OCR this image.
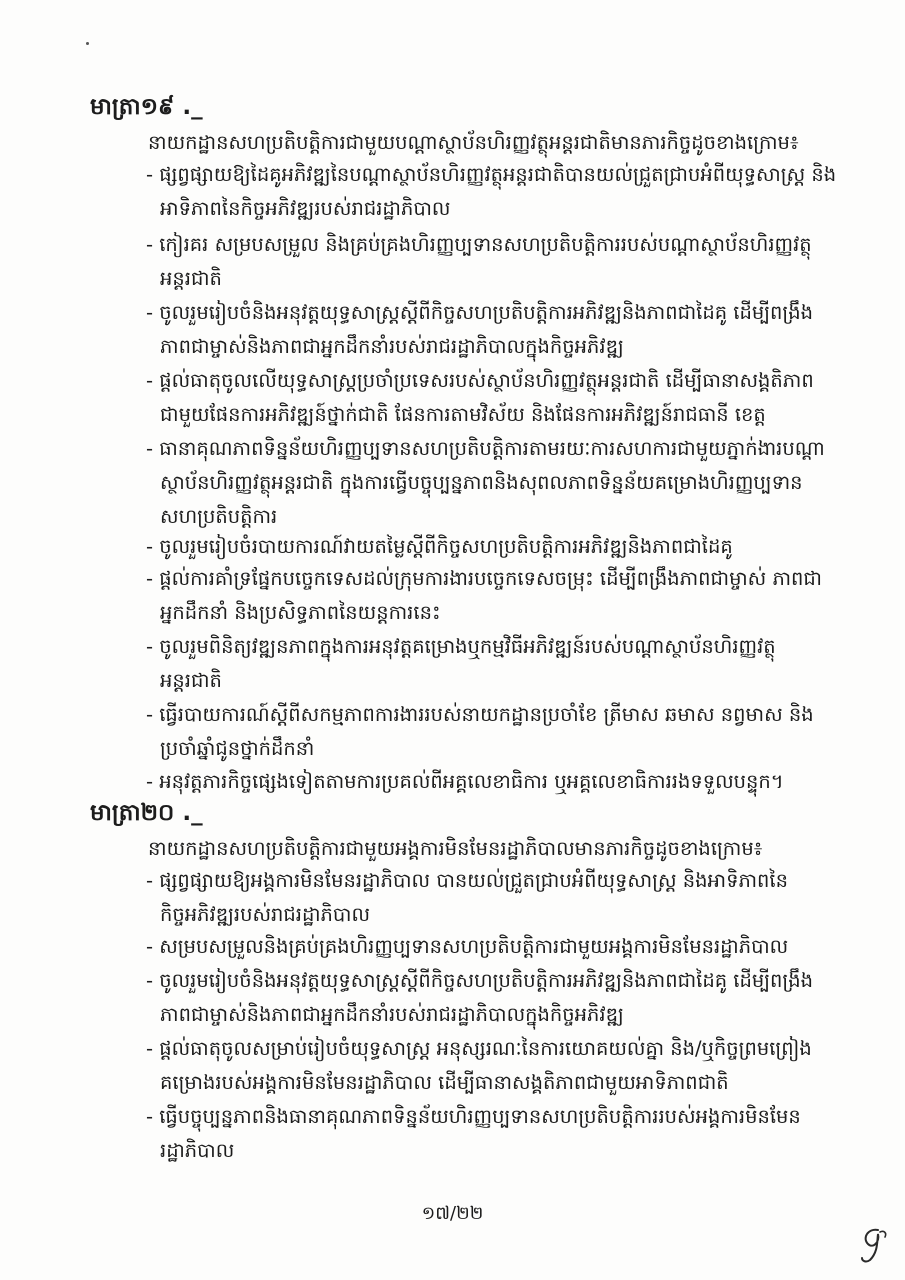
មាត្រា១៩ ._
នាយកដ្ឋានសហប្រតិបត្តិការជាមួយបណ្តាស្ថាប័នហិរញ្ញវត្ថុអន្តរជាតិមានភារកិច្ចដូចខាងក្រោម៖
- ផ្សព្វផ្សាយឱ្យដៃគូអភិវឌ្ឍនៃបណ្តាស្ថាប័នហិរញ្ញវត្ថុអន្តរជាតិបានយល់ជ្រួតជ្រាបអំពីយុទ្ធសាស្ត្រ និង
អាទិភាពនៃកិច្ចអភិវឌ្ឍរបស់រាជរដ្ឋាភិបាល
- កៀរគរ សម្របសម្រួល និងគ្រប់គ្រងហិរញ្ញប្បទានសហប្រតិបត្តិការរបស់បណ្តាស្ថាប័នហិរញ្ញវត្ថុ
អន្តរជាតិ
- ចូលរួមរៀបចំនិងអនុវត្តយុទ្ធសាស្ត្រស្តីពីកិច្ចសហប្រតិបត្តិការអភិវឌ្ឍនិងភាពជាដៃគូ ដើម្បីពង្រឹង
ភាពជាម្ចាស់និងភាពជាអ្នកដឹកនាំរបស់រាជរដ្ឋាភិបាលក្នុងកិច្ចអភិវឌ្ឍ
- ផ្តល់ធាតុចូលលើយុទ្ធសាស្ត្រប្រចាំប្រទេសរបស់ស្ថាប័នហិរញ្ញវត្ថុអន្តរជាតិ ដើម្បីធានាសង្គតិភាព
ជាមួយផែនការអភិវឌ្ឍន៍ថ្នាក់ជាតិ ផែនការតាមវិស័យ និងផែនការអភិវឌ្ឍន៍រាជធានី ខេត្ត
- ធានាគុណភាពទិន្នន័យហិរញ្ញប្បទានសហប្រតិបត្តិការតាមរយៈការសហការជាមួយភ្នាក់ងារបណ្តា
ស្ថាប័នហិរញ្ញវត្ថុអន្តរជាតិ ក្នុងការធ្វើបច្ចុប្បន្នភាពនិងសុពលភាពទិន្នន័យគម្រោងហិរញ្ញប្បទាន
សហប្រតិបត្តិការ
- ចូលរួមរៀបចំរបាយការណ៍វាយតម្លៃស្តីពីកិច្ចសហប្រតិបត្តិការអភិវឌ្ឍនិងភាពជាដៃគូ
- ផ្តល់ការគាំទ្រផ្នែកបច្ចេកទេសដល់ក្រុមការងារបច្ចេកទេសចម្រុះ ដើម្បីពង្រឹងភាពជាម្ចាស់ ភាពជា
អ្នកដឹកនាំ និងប្រសិទ្ធភាពនៃយន្តការនេះ
- ចូលរួមពិនិត្យវឌ្ឍនភាពក្នុងការអនុវត្តគម្រោងឬកម្មវិធីអភិវឌ្ឍន៍របស់បណ្តាស្ថាប័នហិរញ្ញវត្ថុ
អន្តរជាតិ
- ធ្វើរបាយការណ៍ស្តីពីសកម្មភាពការងាររបស់នាយកដ្ឋានប្រចាំខែ ត្រីមាស ឆមាស នព្វមាស និង
ប្រចាំឆ្នាំជូនថ្នាក់ដឹកនាំ
- អនុវត្តភារកិច្ចផ្សេងទៀតតាមការប្រគល់ពីអគ្គលេខាធិការ ឬអគ្គលេខាធិការរងទទួលបន្ទុក។
មាត្រា២០ ._
នាយកដ្ឋានសហប្រតិបត្តិការជាមួយអង្គការមិនមែនរដ្ឋាភិបាលមានភារកិច្ចដូចខាងក្រោម៖
- ផ្សព្វផ្សាយឱ្យអង្គការមិនមែនរដ្ឋាភិបាល បានយល់ជ្រួតជ្រាបអំពីយុទ្ធសាស្ត្រ និងអាទិភាពនៃ
កិច្ចអភិវឌ្ឍរបស់រាជរដ្ឋាភិបាល
- សម្របសម្រួលនិងគ្រប់គ្រងហិរញ្ញប្បទានសហប្រតិបត្តិការជាមួយអង្គការមិនមែនរដ្ឋាភិបាល
- ចូលរួមរៀបចំនិងអនុវត្តយុទ្ធសាស្ត្រស្តីពីកិច្ចសហប្រតិបត្តិការអភិវឌ្ឍនិងភាពជាដៃគូ ដើម្បីពង្រឹង
ភាពជាម្ចាស់និងភាពជាអ្នកដឹកនាំរបស់រាជរដ្ឋាភិបាលក្នុងកិច្ចអភិវឌ្ឍ
- ផ្តល់ធាតុចូលសម្រាប់រៀបចំយុទ្ធសាស្ត្រ អនុស្សរណៈនៃការយោគយល់គ្នា និង/ឬកិច្ចព្រមព្រៀង
គម្រោងរបស់អង្គការមិនមែនរដ្ឋាភិបាល ដើម្បីធានាសង្គតិភាពជាមួយអាទិភាពជាតិ
- ធ្វើបច្ចុប្បន្នភាពនិងធានាគុណភាពទិន្នន័យហិរញ្ញប្បទានសហប្រតិបត្តិការរបស់អង្គការមិនមែន
រដ្ឋាភិបាល
១៧/២២
